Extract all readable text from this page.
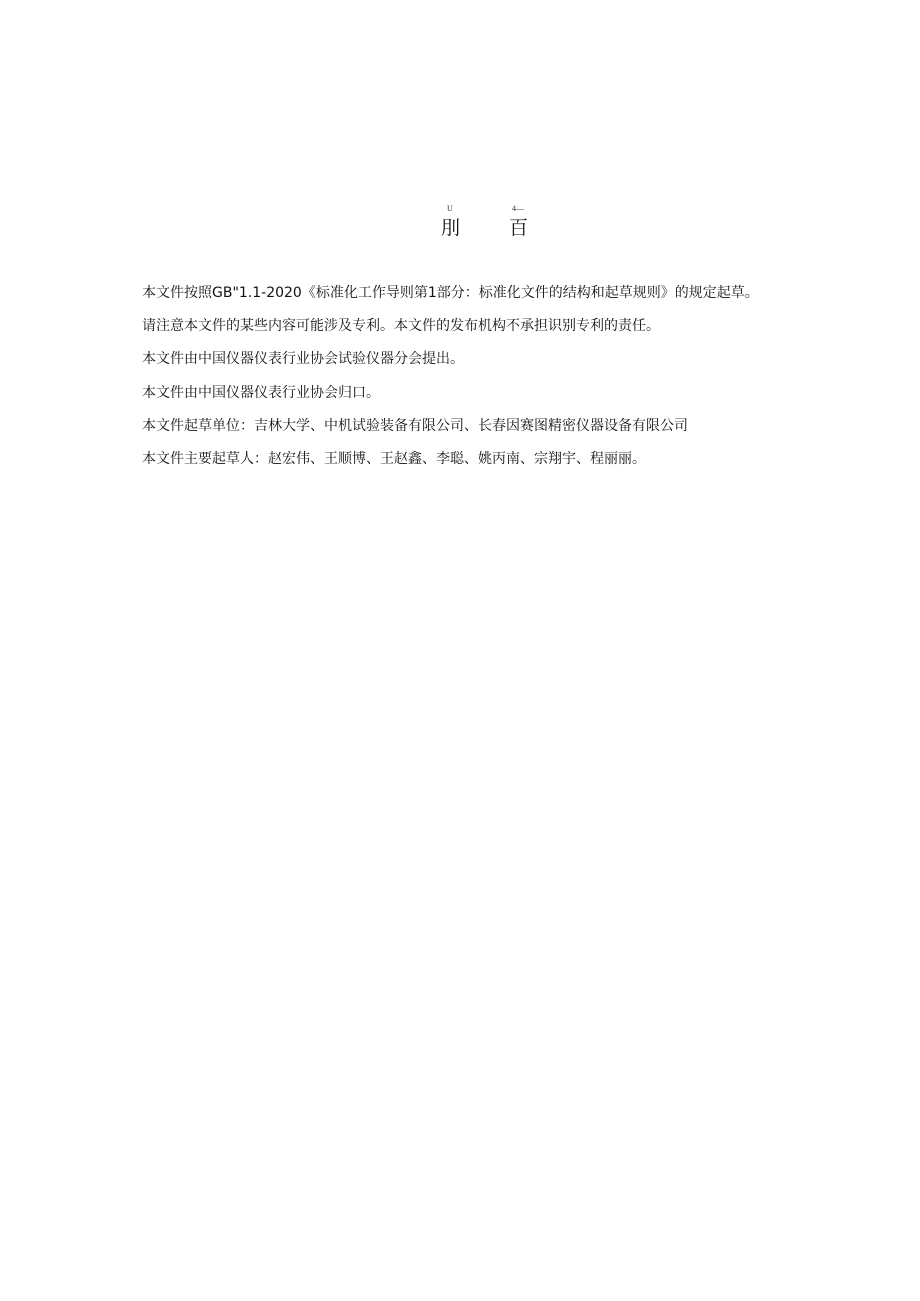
U	4—
刖	百

本文件按照GB"1.1-2020《标准化工作导则第1部分：标准化文件的结构和起草规则》的规定起草。

请注意本文件的某些内容可能涉及专利。本文件的发布机构不承担识别专利的责任。

本文件由中国仪器仪表行业协会试验仪器分会提出。

本文件由中国仪器仪表行业协会归口。

本文件起草单位：吉林大学、中机试验装备有限公司、长春因赛图精密仪器设备有限公司

本文件主要起草人：赵宏伟、王顺博、王赵鑫、李聪、姚丙南、宗翔宇、程丽丽。
